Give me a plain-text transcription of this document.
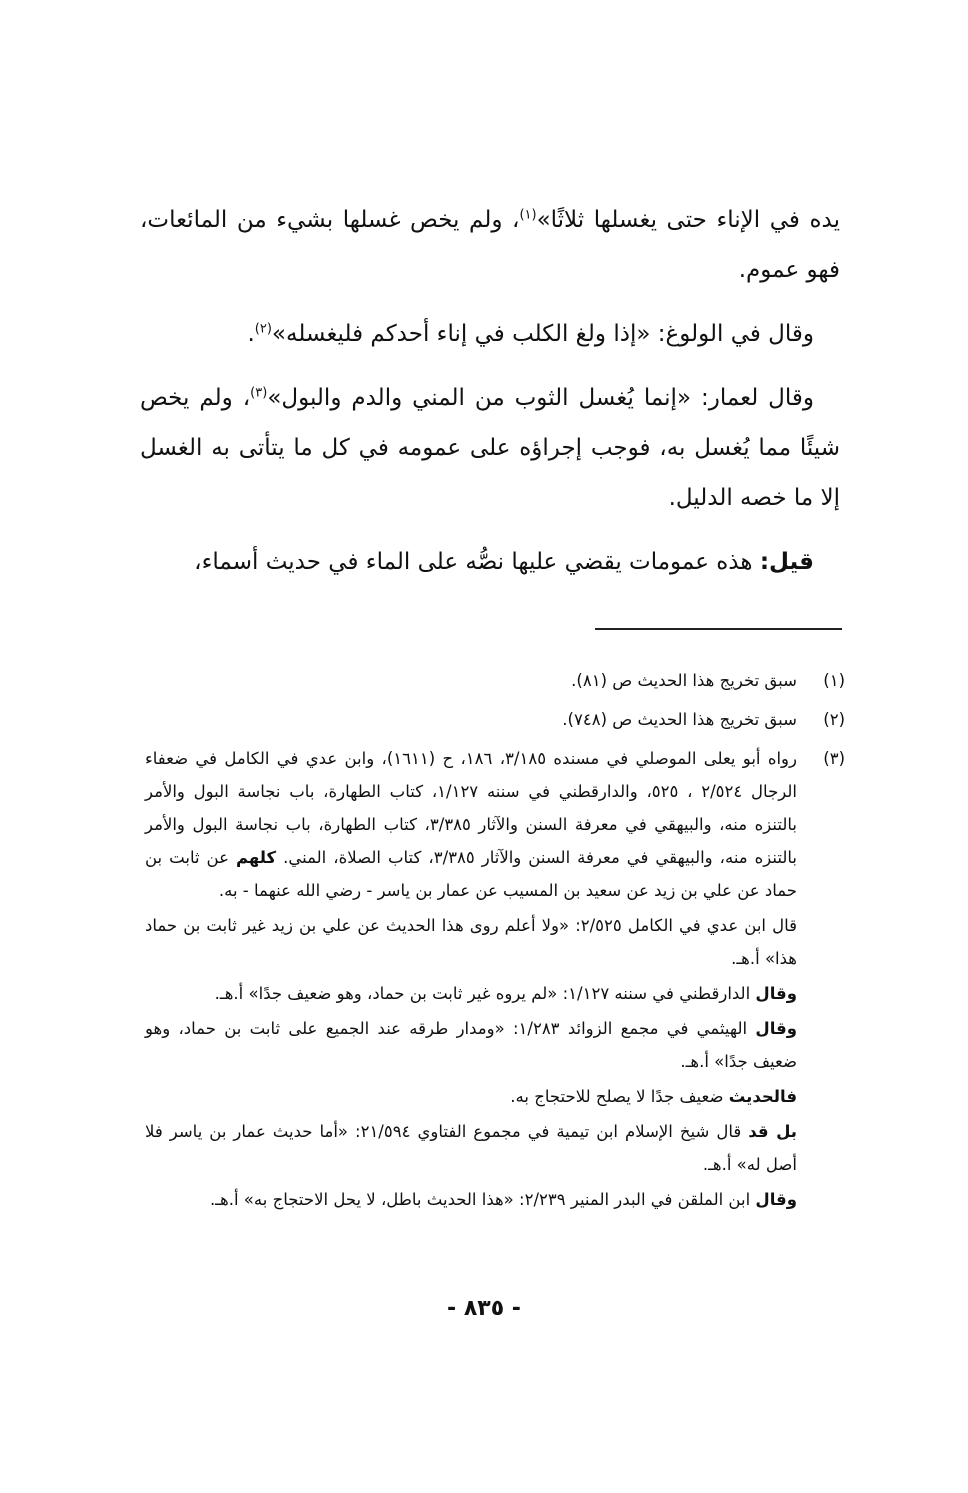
يده في الإناء حتى يغسلها ثلاثًا»$^{(١)}$، ولم يخص غسلها بشيء من المائعات، فهو عموم.

وقال في الولوغ: «إذا ولغ الكلب في إناء أحدكم فليغسله»$^{(٢)}$.

وقال لعمار: «إنما يُغسل الثوب من المني والدم والبول»$^{(٣)}$، ولم يخص شيئًا مما يُغسل به، فوجب إجراؤه على عمومه في كل ما يتأتى به الغسل إلا ما خصه الدليل.

قيل: هذه عمومات يقضي عليها نصُّه على الماء في حديث أسماء،

(١)
سبق تخريج هذا الحديث ص (٨١).
(٢)
سبق تخريج هذا الحديث ص (٧٤٨).
(٣)

رواه أبو يعلى الموصلي في مسنده ٣/١٨٥، ١٨٦، ح (١٦١١)، وابن عدي في الكامل في ضعفاء الرجال ٢/٥٢٤ ، ٥٢٥، والدارقطني في سننه ١/١٢٧، كتاب الطهارة، باب نجاسة البول والأمر بالتنزه منه، والبيهقي في معرفة السنن والآثار ٣/٣٨٥، كتاب الطهارة، باب نجاسة البول والأمر بالتنزه منه، والبيهقي في معرفة السنن والآثار ٣/٣٨٥، كتاب الصلاة، المني. كلهم عن ثابت بن حماد عن علي بن زيد عن سعيد بن المسيب عن عمار بن ياسر - رضي الله عنهما - به.

قال ابن عدي في الكامل ٢/٥٢٥: «ولا أعلم روى هذا الحديث عن علي بن زيد غير ثابت بن حماد هذا» أ.هـ.

وقال الدارقطني في سننه ١/١٢٧: «لم يروه غير ثابت بن حماد، وهو ضعيف جدًا» أ.هـ.

وقال الهيثمي في مجمع الزوائد ١/٢٨٣: «ومدار طرقه عند الجميع على ثابت بن حماد، وهو ضعيف جدًا» أ.هـ.

فالحديث ضعيف جدًا لا يصلح للاحتجاج به.

بل قد قال شيخ الإسلام ابن تيمية في مجموع الفتاوي ٢١/٥٩٤: «أما حديث عمار بن ياسر فلا أصل له» أ.هـ.

وقال ابن الملقن في البدر المنير ٢/٢٣٩: «هذا الحديث باطل، لا يحل الاحتجاج به» أ.هـ.

- ٨٣٥ -
